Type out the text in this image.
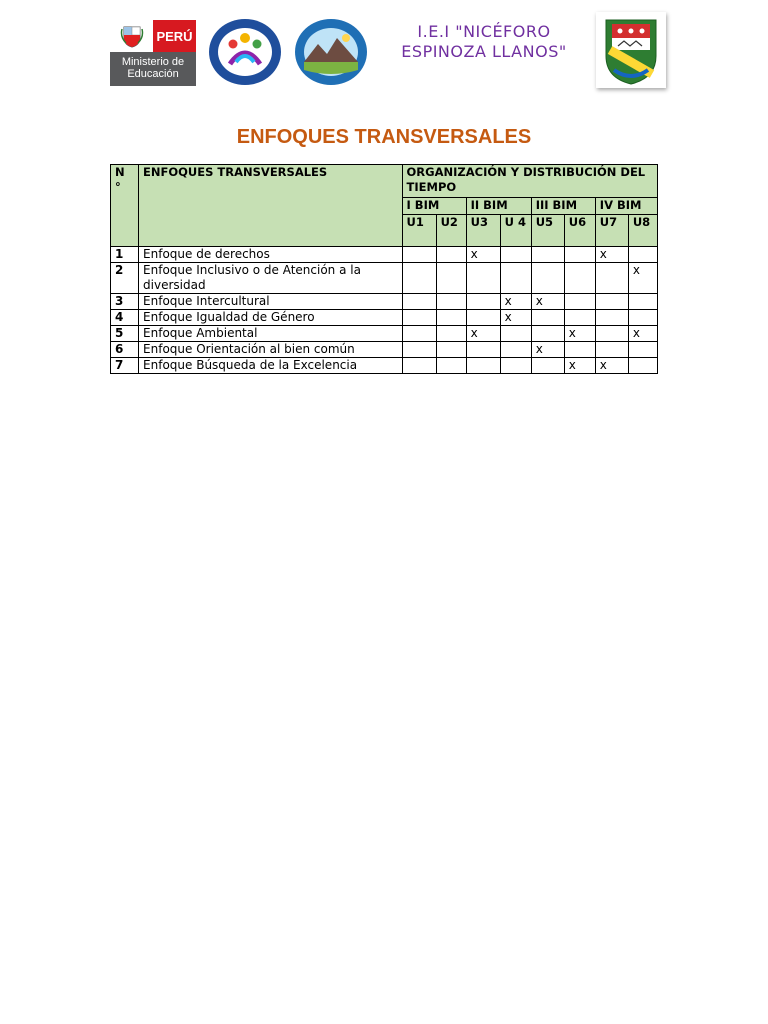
PERÚ
Ministerio de
Educación
I.E.I "NICÉFORO
ESPINOZA LLANOS"
ENFOQUES TRANSVERSALES
N °	ENFOQUES TRANSVERSALES	ORGANIZACIÓN Y DISTRIBUCIÓN DEL TIEMPO							
		I BIM		II BIM		III BIM		IV BIM	
		U1	U2	U3	U 4	U5	U6	U7	U8
1	Enfoque de derechos			x				x	
2	Enfoque Inclusivo o de Atención a la diversidad								x
3	Enfoque Intercultural				x	x			
4	Enfoque Igualdad de Género				x				
5	Enfoque Ambiental			x			x		x
6	Enfoque Orientación al bien común					x			
7	Enfoque Búsqueda de la Excelencia						x	x	
